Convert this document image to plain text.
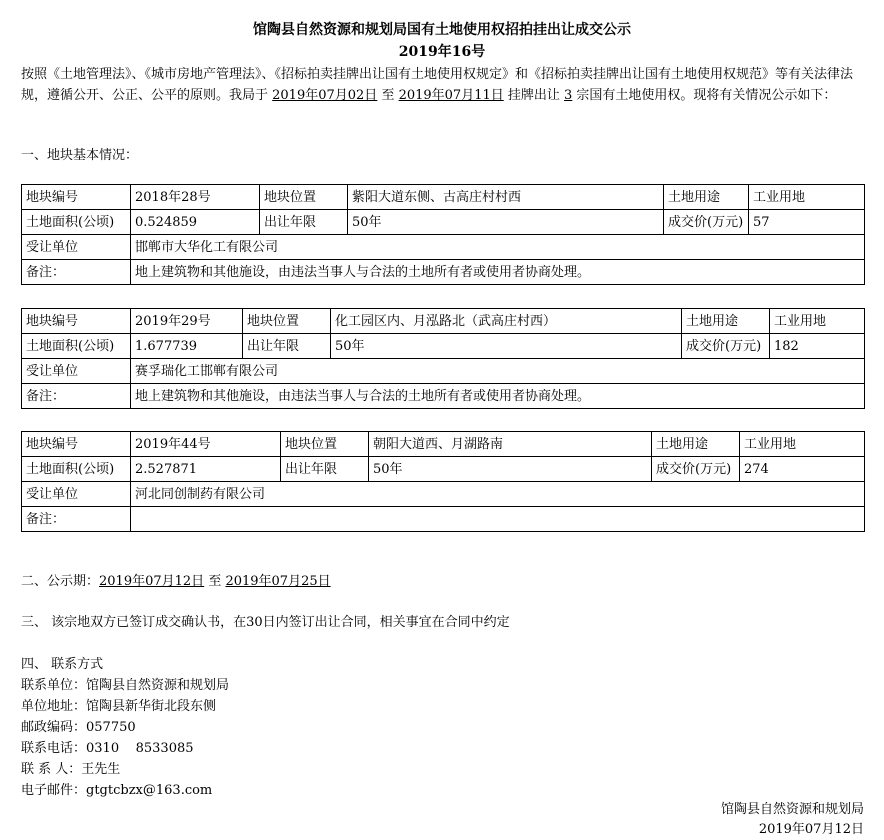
馆陶县自然资源和规划局国有土地使用权招拍挂出让成交公示
2019年16号
按照《土地管理法》、《城市房地产管理法》、《招标拍卖挂牌出让国有土地使用权规定》和《招标拍卖挂牌出让国有土地使用权规范》等有关法律法规，遵循公开、公正、公平的原则。我局于 2019年07月02日 至 2019年07月11日 挂牌出让 3 宗国有土地使用权。现将有关情况公示如下：
一、地块基本情况：
地块编号	2018年28号	地块位置	紫阳大道东侧、古高庄村村西	土地用途	工业用地
土地面积(公顷)	0.524859	出让年限	50年	成交价(万元)	57
受让单位	邯郸市大华化工有限公司				
备注：	地上建筑物和其他施设，由违法当事人与合法的土地所有者或使用者协商处理。				
地块编号	2019年29号	地块位置	化工园区内、月泓路北（武高庄村西）	土地用途	工业用地
土地面积(公顷)	1.677739	出让年限	50年	成交价(万元)	182
受让单位	赛孚瑞化工邯郸有限公司				
备注：	地上建筑物和其他施设，由违法当事人与合法的土地所有者或使用者协商处理。				
地块编号	2019年44号	地块位置	朝阳大道西、月湖路南	土地用途	工业用地
土地面积(公顷)	2.527871	出让年限	50年	成交价(万元)	274
受让单位	河北同创制药有限公司				
备注：					
二、公示期：2019年07月12日 至 2019年07月25日
三、 该宗地双方已签订成交确认书，在30日内签订出让合同，相关事宜在合同中约定
四、 联系方式
联系单位：馆陶县自然资源和规划局
单位地址：馆陶县新华街北段东侧
邮政编码：057750
联系电话：0310    8533085
联 系 人：王先生
电子邮件：gtgtcbzx@163.com
馆陶县自然资源和规划局
2019年07月12日
